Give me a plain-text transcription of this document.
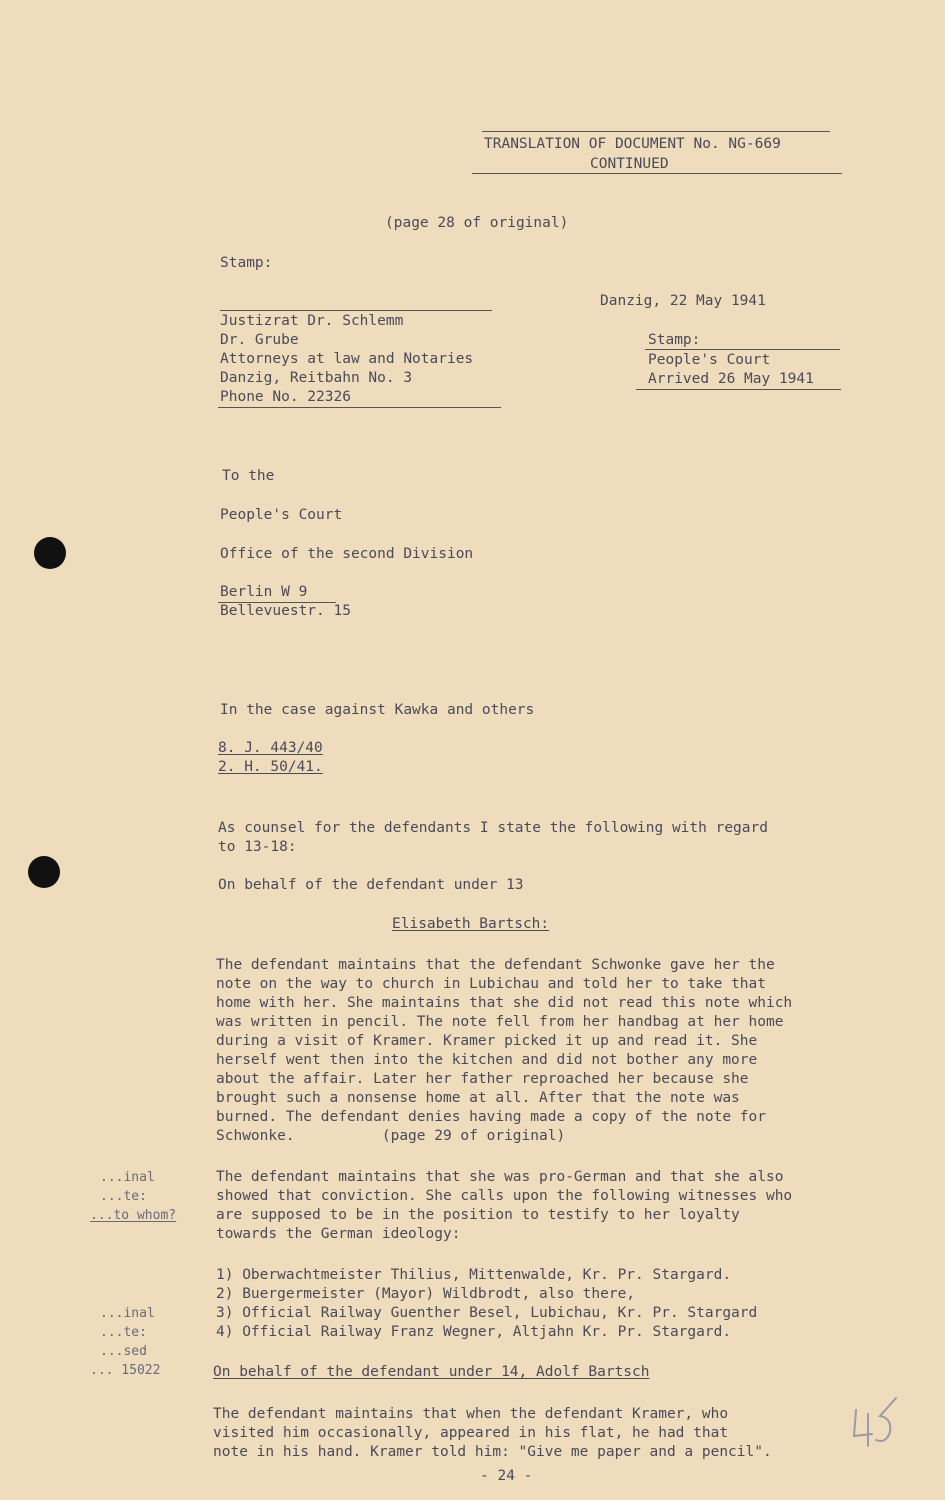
TRANSLATION OF DOCUMENT No. NG-669
CONTINUED
(page 28 of original)
Stamp:
Danzig, 22 May 1941
Justizrat Dr. Schlemm
Dr. Grube
Attorneys at law and Notaries
Danzig, Reitbahn No. 3
Phone No. 22326
Stamp:
People's Court
Arrived 26 May 1941
To the
People's Court
Office of the second Division
Berlin W 9
Bellevuestr. 15
In the case against Kawka and others
8. J. 443/40
2. H. 50/41.
As counsel for the defendants I state the following with regard
to 13-18:
On behalf of the defendant under 13
Elisabeth Bartsch:
The defendant maintains that the defendant Schwonke gave her the
note on the way to church in Lubichau and told her to take that
home with her. She maintains that she did not read this note which
was written in pencil. The note fell from her handbag at her home
during a visit of Kramer. Kramer picked it up and read it. She
herself went then into the kitchen and did not bother any more
about the affair. Later her father reproached her because she
brought such a nonsense home at all. After that the note was
burned. The defendant denies having made a copy of the note for
Schwonke.          (page 29 of original)
The defendant maintains that she was pro-German and that she also
showed that conviction. She calls upon the following witnesses who
are supposed to be in the position to testify to her loyalty
towards the German ideology:
1) Oberwachtmeister Thilius, Mittenwalde, Kr. Pr. Stargard.
2) Buergermeister (Mayor) Wildbrodt, also there,
3) Official Railway Guenther Besel, Lubichau, Kr. Pr. Stargard
4) Official Railway Franz Wegner, Altjahn Kr. Pr. Stargard.
On behalf of the defendant under 14, Adolf Bartsch
The defendant maintains that when the defendant Kramer, who
visited him occasionally, appeared in his flat, he had that
note in his hand. Kramer told him: "Give me paper and a pencil".
...inal
...te:
...to whom?
...inal
...te:
...sed
... 15022
- 24 -
